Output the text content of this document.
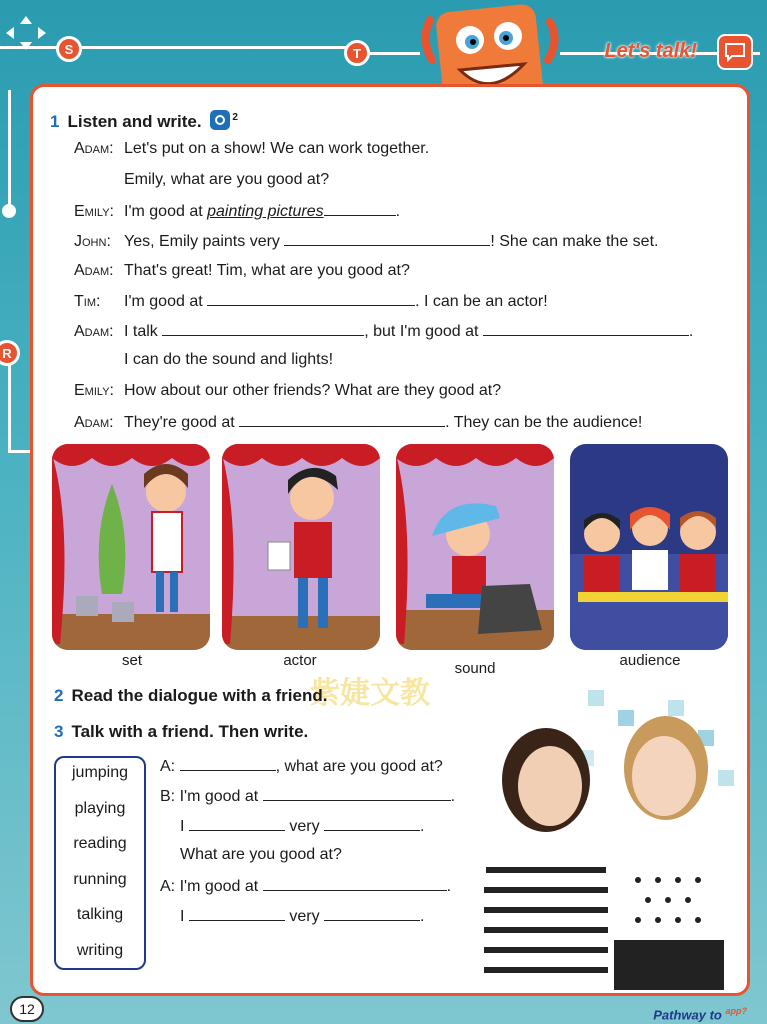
S	T
R
Let's talk!
1 Listen and write.	$^2$
Adam: Let's put on a show! We can work together.
Emily, what are you good at?
Emily: I'm good at painting pictures	.
John: Yes, Emily paints very	! She can make the set.
Adam: That's great! Tim, what are you good at?
Tim: I'm good at	. I can be an actor!
Adam: I talk	, but I'm good at	.
I can do the sound and lights!
Emily: How about our other friends? What are they good at?
Adam: They're good at	. They can be the audience!
set	actor	sound	audience
紫婕文教
2 Read the dialogue with a friend.
3 Talk with a friend. Then write.
jumping
playing
reading
running
talking
writing
A:	, what are you good at?
B: I'm good at	.
I	very	.
What are you good at?
A: I'm good at	.
I	very	.
12	Pathway to $^{app?}$
